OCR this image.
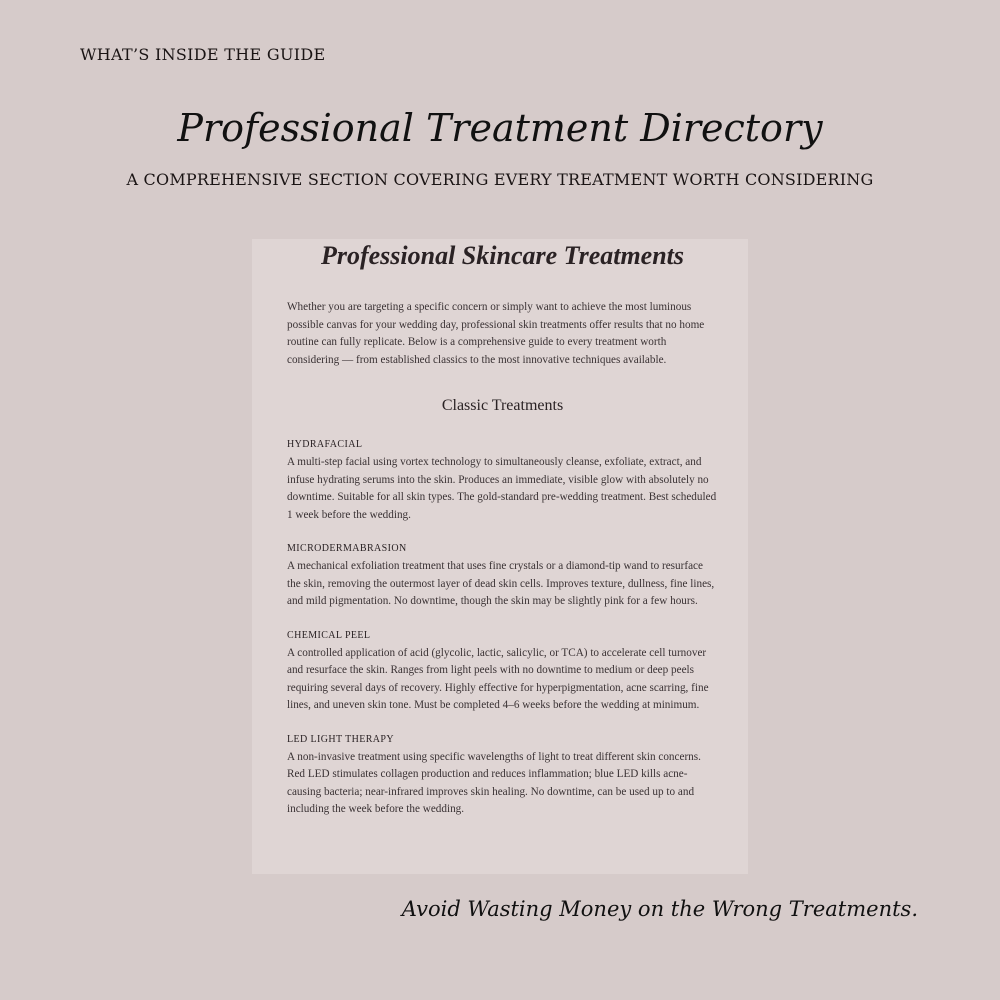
WHAT’S INSIDE THE GUIDE
Professional Treatment Directory
A COMPREHENSIVE SECTION COVERING EVERY TREATMENT WORTH CONSIDERING
Professional Skincare Treatments

Whether you are targeting a specific concern or simply want to achieve the most luminous possible canvas for your wedding day, professional skin treatments offer results that no home routine can fully replicate. Below is a comprehensive guide to every treatment worth considering — from established classics to the most innovative techniques available.

Classic Treatments
HYDRAFACIAL
A multi-step facial using vortex technology to simultaneously cleanse, exfoliate, extract, and infuse hydrating serums into the skin. Produces an immediate, visible glow with absolutely no downtime. Suitable for all skin types. The gold-standard pre-wedding treatment. Best scheduled 1 week before the wedding.
MICRODERMABRASION
A mechanical exfoliation treatment that uses fine crystals or a diamond-tip wand to resurface the skin, removing the outermost layer of dead skin cells. Improves texture, dullness, fine lines, and mild pigmentation. No downtime, though the skin may be slightly pink for a few hours.
CHEMICAL PEEL
A controlled application of acid (glycolic, lactic, salicylic, or TCA) to accelerate cell turnover and resurface the skin. Ranges from light peels with no downtime to medium or deep peels requiring several days of recovery. Highly effective for hyperpigmentation, acne scarring, fine lines, and uneven skin tone. Must be completed 4–6 weeks before the wedding at minimum.
LED LIGHT THERAPY
A non-invasive treatment using specific wavelengths of light to treat different skin concerns. Red LED stimulates collagen production and reduces inflammation; blue LED kills acne-causing bacteria; near-infrared improves skin healing. No downtime, can be used up to and including the week before the wedding.
Avoid Wasting Money on the Wrong Treatments.
